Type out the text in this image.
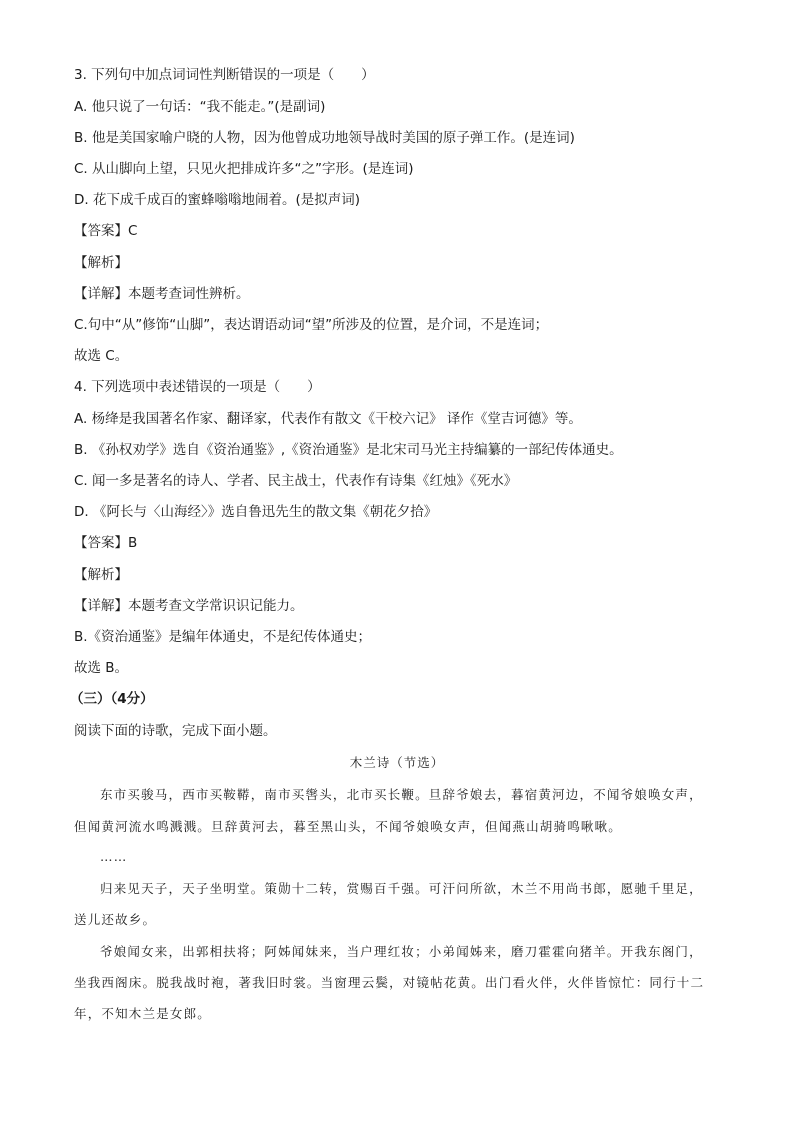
3. 下列句中加点词词性判断错误的一项是（　　）
A. 他只说了一句话：“我不能走。”(是副词)
B. 他是美国家喻户晓的人物，因为他曾成功地领导战时美国的原子弹工作。(是连词)
C. 从山脚向上望，只见火把排成许多“之”字形。(是连词)
D. 花下成千成百的蜜蜂嗡嗡地闹着。(是拟声词)
【答案】C
【解析】
【详解】本题考查词性辨析。
C.句中“从”修饰“山脚”，表达谓语动词“望”所涉及的位置，是介词，不是连词；
故选 C。
4. 下列选项中表述错误的一项是（　　）
A. 杨绛是我国著名作家、翻译家，代表作有散文《干校六记》 译作《堂吉诃德》等。
B. 《孙权劝学》选自《资治通鉴》,《资治通鉴》是北宋司马光主持编纂的一部纪传体通史。
C. 闻一多是著名的诗人、学者、民主战士，代表作有诗集《红烛》《死水》
D. 《阿长与〈山海经〉》选自鲁迅先生的散文集《朝花夕拾》
【答案】B
【解析】
【详解】本题考查文学常识识记能力。
B.《资治通鉴》是编年体通史，不是纪传体通史；
故选 B。
（三）（4分）
阅读下面的诗歌，完成下面小题。
木兰诗（节选）
东市买骏马，西市买鞍鞯，南市买辔头，北市买长鞭。旦辞爷娘去，暮宿黄河边，不闻爷娘唤女声，
但闻黄河流水鸣溅溅。旦辞黄河去，暮至黑山头，不闻爷娘唤女声，但闻燕山胡骑鸣啾啾。
……
归来见天子，天子坐明堂。策勋十二转，赏赐百千强。可汗问所欲，木兰不用尚书郎，愿驰千里足，
送儿还故乡。
爷娘闻女来，出郭相扶将；阿姊闻妹来，当户理红妆；小弟闻姊来，磨刀霍霍向猪羊。开我东阁门，
坐我西阁床。脱我战时袍，著我旧时裳。当窗理云鬓，对镜帖花黄。出门看火伴，火伴皆惊忙：同行十二
年，不知木兰是女郎。
